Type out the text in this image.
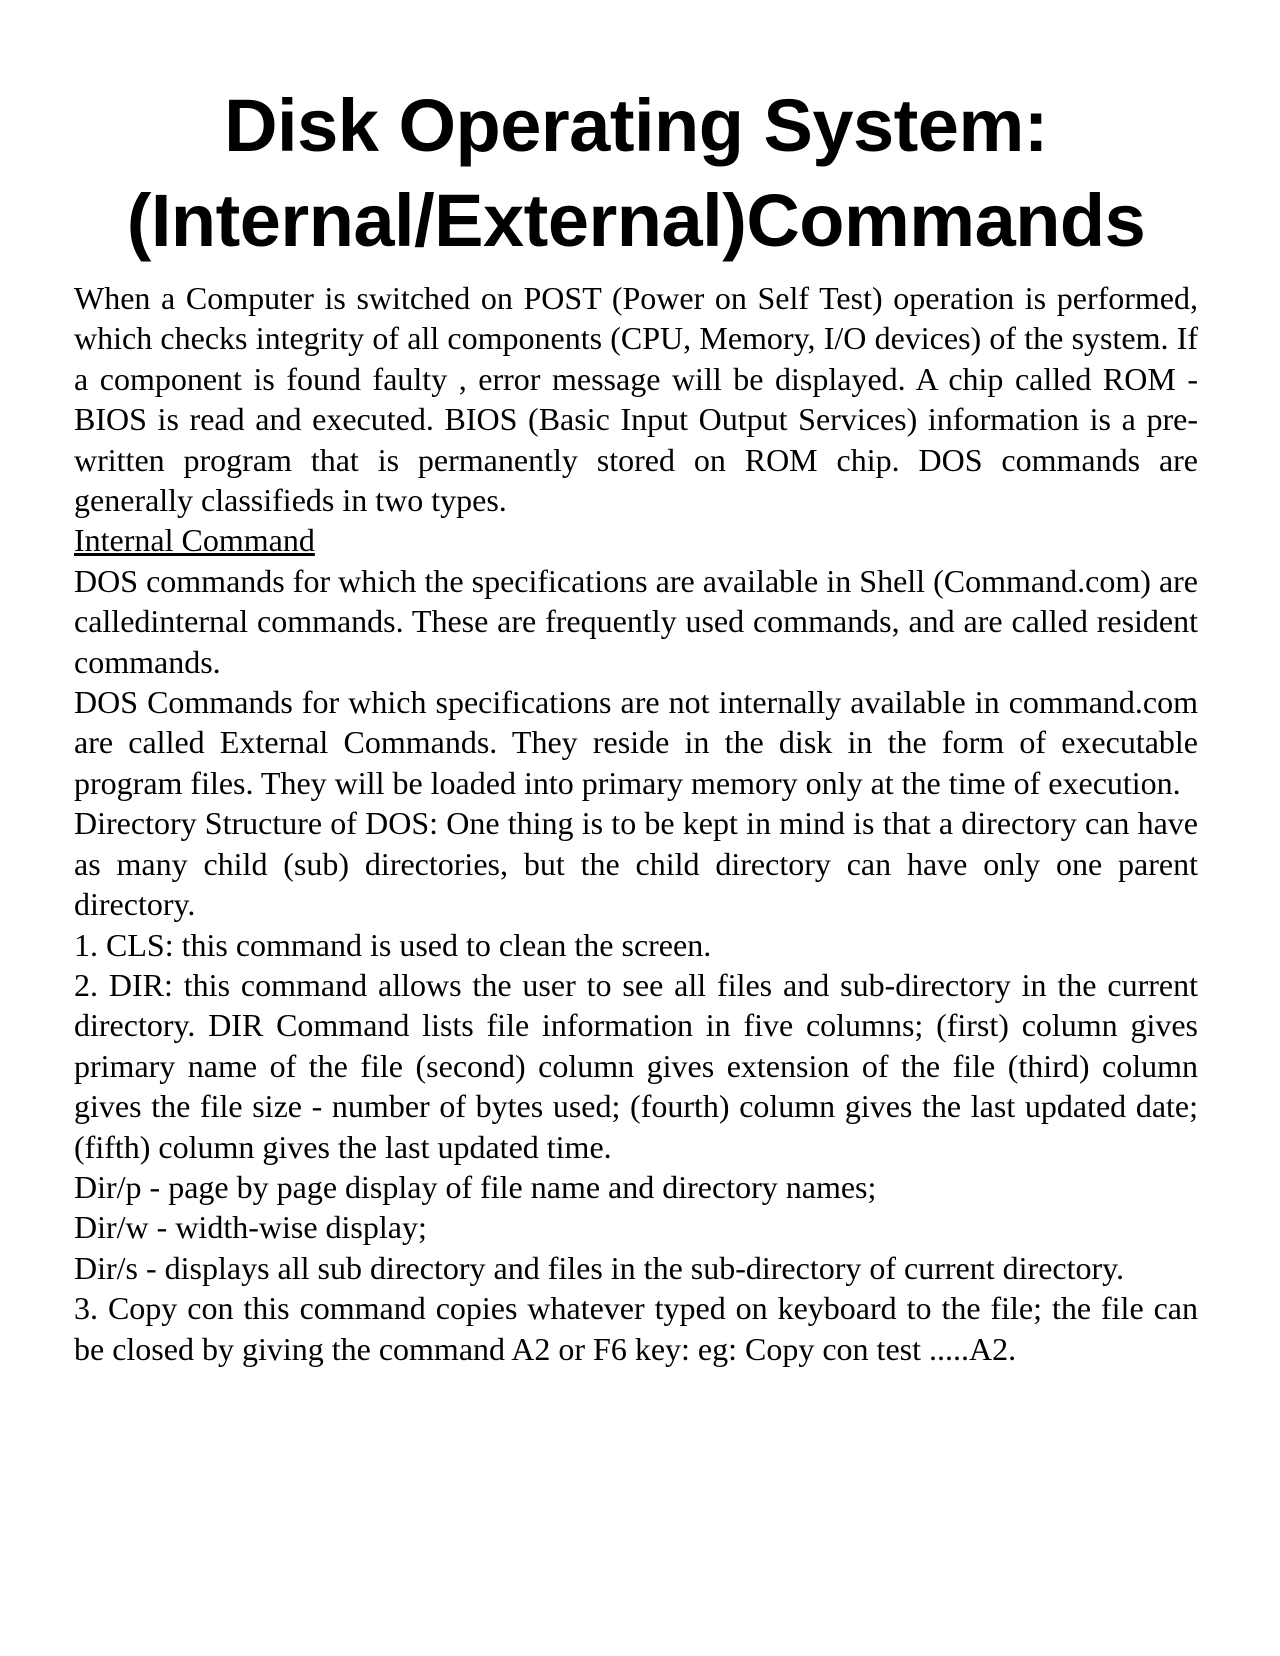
Disk Operating System:
(Internal/External)Commands

When a Computer is switched on POST (Power on Self Test) operation is performed, which checks integrity of all components (CPU, Memory, I/O devices) of the system. If a component is found faulty , error message will be displayed. A chip called ROM - BIOS is read and executed. BIOS (Basic Input Output Services) information is a pre-written program that is permanently stored on ROM chip. DOS commands are generally classifieds in two types.

Internal Command

DOS commands for which the specifications are available in Shell (Command.com) are calledinternal commands. These are frequently used commands, and are called resident commands.

DOS Commands for which specifications are not internally available in command.com are called External Commands. They reside in the disk in the form of executable program files. They will be loaded into primary memory only at the time of execution.

Directory Structure of DOS: One thing is to be kept in mind is that a directory can have as many child (sub) directories, but the child directory can have only one parent directory.

1. CLS: this command is used to clean the screen.

2. DIR: this command allows the user to see all files and sub-directory in the current directory. DIR Command lists file information in five columns; (first) column gives primary name of the file (second) column gives extension of the file (third) column gives the file size - number of bytes used; (fourth) column gives the last updated date; (fifth) column gives the last updated time.

Dir/p - page by page display of file name and directory names;

Dir/w - width-wise display;

Dir/s - displays all sub directory and files in the sub-directory of current directory.

3. Copy con this command copies whatever typed on keyboard to the file; the file can be closed by giving the command A2 or F6 key: eg: Copy con test .....A2.
